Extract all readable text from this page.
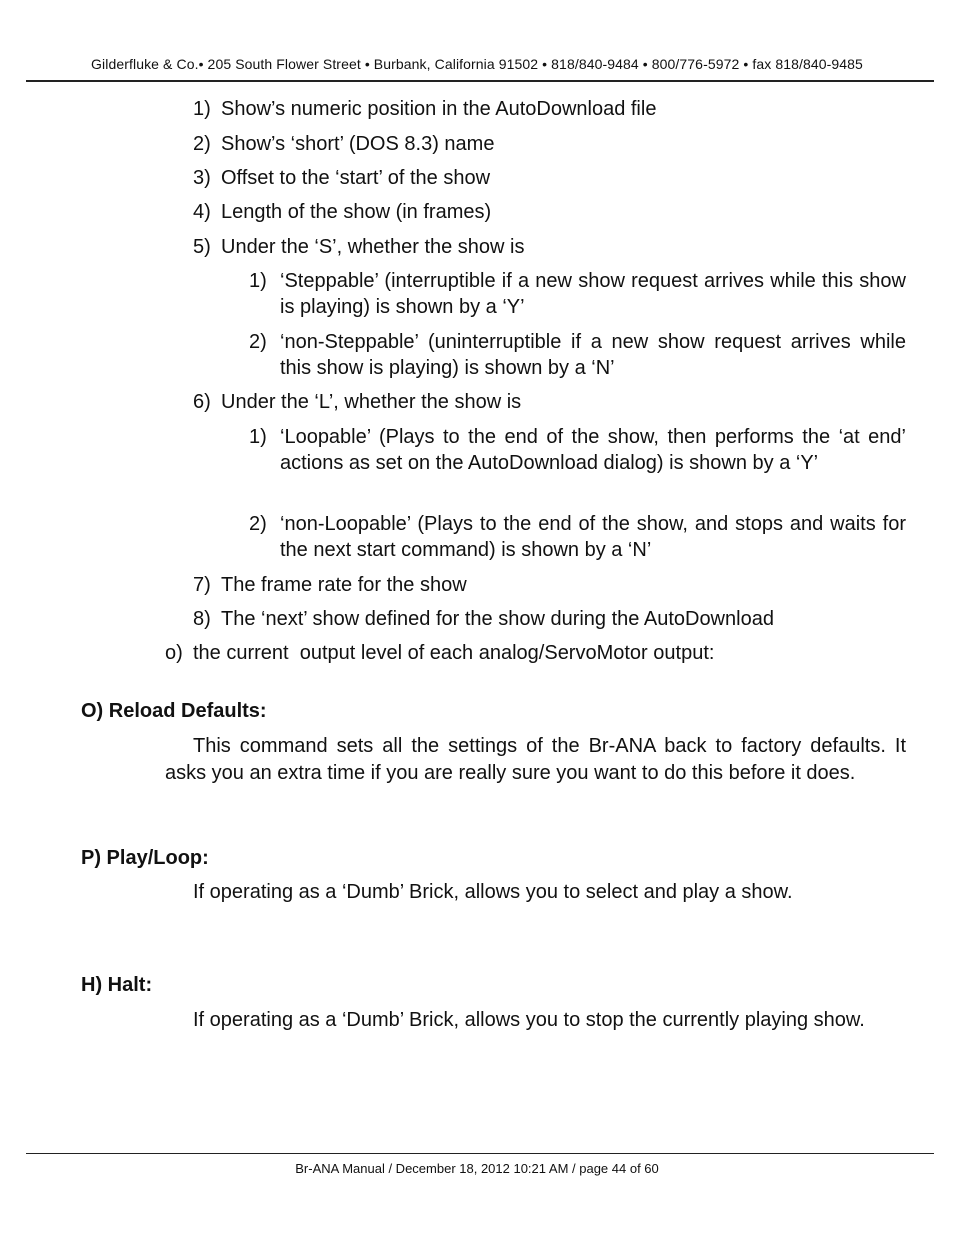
Gilderfluke & Co.• 205 South Flower Street • Burbank, California 91502 • 818/840-9484 • 800/776-5972 • fax 818/840-9485
1) Show’s numeric position in the AutoDownload file
2) Show’s ‘short’ (DOS 8.3) name
3) Offset to the ‘start’ of the show
4) Length of the show (in frames)
5) Under the ‘S’, whether the show is
1) ‘Steppable’ (interruptible if a new show request arrives while this show is playing) is shown by a ‘Y’
2) ‘non-Steppable’ (uninterruptible if a new show request arrives while this show is playing) is shown by a ‘N’
6) Under the ‘L’, whether the show is
1) ‘Loopable’ (Plays to the end of the show, then performs the ‘at end’ actions as set on the AutoDownload dialog) is shown by a ‘Y’
2) ‘non-Loopable’ (Plays to the end of the show, and stops and waits for the next start command) is shown by a ‘N’
7) The frame rate for the show
8) The ‘next’ show defined for the show during the AutoDownload
o) the current  output level of each analog/ServoMotor output:
O) Reload Defaults:
This command sets all the settings of the Br-ANA back to factory defaults. It asks you an extra time if you are really sure you want to do this before it does.
P) Play/Loop:
If operating as a ‘Dumb’ Brick, allows you to select and play a show.
H) Halt:
If operating as a ‘Dumb’ Brick, allows you to stop the currently playing show.
Br-ANA Manual / December 18, 2012 10:21 AM / page 44 of 60
